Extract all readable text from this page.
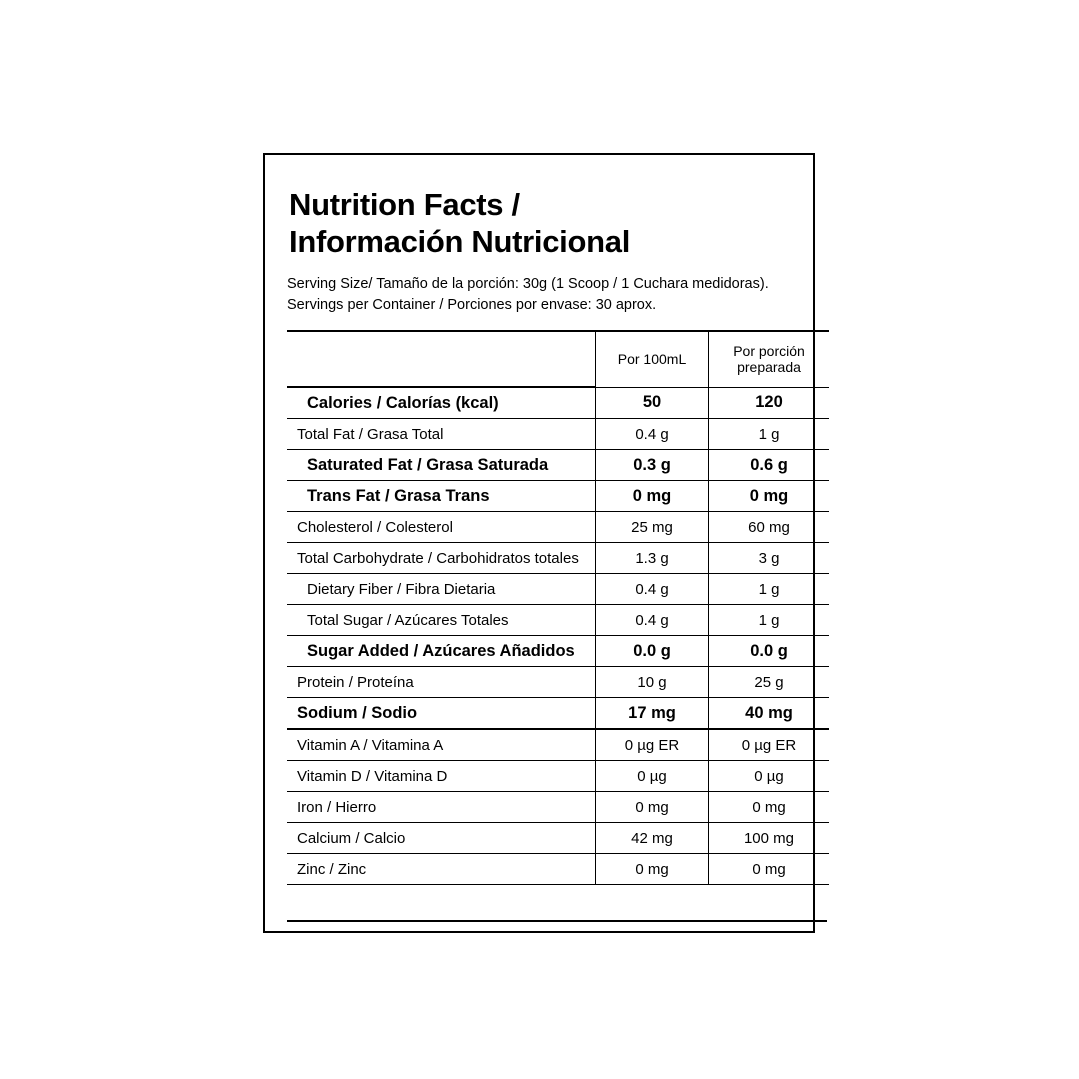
Nutrition Facts /
Información Nutricional
Serving Size/ Tamaño de la porción: 30g (1 Scoop / 1 Cuchara medidoras).
Servings per Container / Porciones por envase: 30 aprox.
	Por 100mL	Por porción
preparada

Calories / Calorías (kcal)	50	120
Total Fat / Grasa Total	0.4 g	1 g
Saturated Fat / Grasa Saturada	0.3 g	0.6 g
Trans Fat / Grasa Trans	0 mg	0 mg
Cholesterol / Colesterol	25 mg	60 mg
Total Carbohydrate / Carbohidratos totales	1.3 g	3 g
Dietary Fiber / Fibra Dietaria	0.4 g	1 g
Total Sugar / Azúcares Totales	0.4 g	1 g
Sugar Added / Azúcares Añadidos	0.0 g	0.0 g
Protein / Proteína	10 g	25 g
Sodium / Sodio	17 mg	40 mg
Vitamin A / Vitamina A	0 µg ER	0 µg ER
Vitamin D / Vitamina D	0 µg	0 µg
Iron / Hierro	0 mg	0 mg
Calcium / Calcio	42 mg	100 mg
Zinc / Zinc	0 mg	0 mg
